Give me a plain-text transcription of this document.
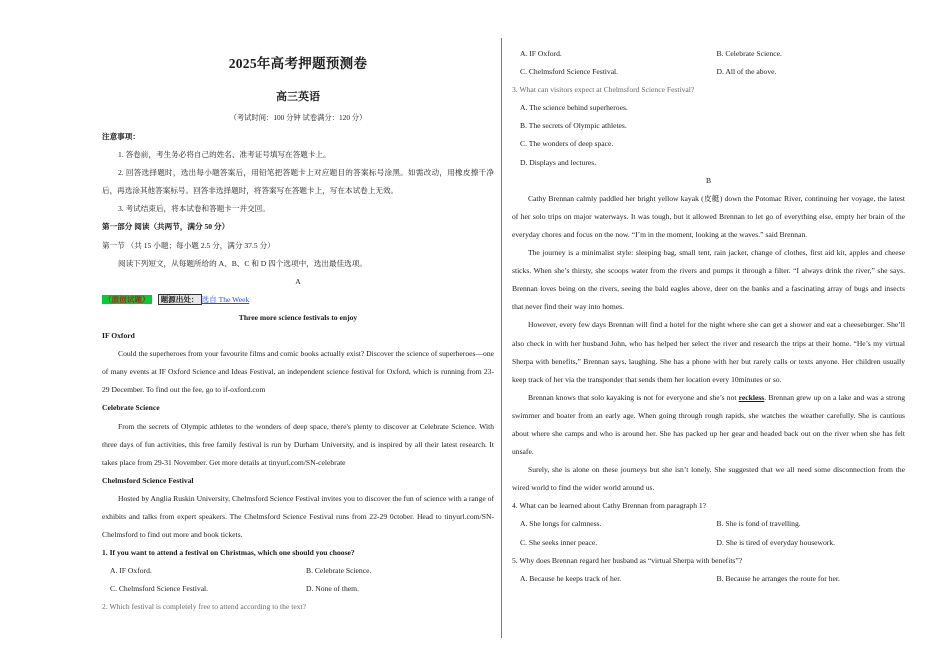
2025年高考押题预测卷
高三英语
（考试时间：100 分钟 试卷满分：120 分）

注意事项：

1. 答卷前，考生务必将自己的姓名、准考证号填写在答题卡上。

2. 回答选择题时，选出每小题答案后，用铅笔把答题卡上对应题目的答案标号涂黑。如需改动，用橡皮擦干净后，再选涂其他答案标号。回答非选择题时，将答案写在答题卡上，写在本试卷上无效。

3. 考试结束后，将本试卷和答题卡一并交回。

第一部分 阅读（共两节，满分 50 分）

第一节 （共 15 小题；每小题 2.5 分，满分 37.5 分）

阅读下列短文，从每题所给的 A、B、C 和 D 四个选项中，选出最佳选项。

A

（原创试题） 题源出处： 选自 The Week

Three more science festivals to enjoy

IF Oxford

Could the superheroes from your favourite films and comic books actually exist? Discover the science of superheroes—one of many events at IF Oxford Science and Ideas Festival, an independent science festival for Oxford, which is running from 23-29 December. To find out the fee, go to if-oxford.com

Celebrate Science

From the secrets of Olympic athletes to the wonders of deep space, there's plenty to discover at Celebrate Science. With three days of fun activities, this free family festival is run by Durham University, and is inspired by all their latest research. It takes place from 29-31 November. Get more details at tinyurl.com/SN-celebrate

Chelmsford Science Festival

Hosted by Anglia Ruskin University, Chelmsford Science Festival invites you to discover the fun of science with a range of exhibits and talks from expert speakers. The Chelmsford Science Festival runs from 22-29 0ctober. Head to tinyurl.com/SN-Chelmsford to find out more and book tickets.

1. If you want to attend a festival on Christmas, which one should you choose?

A. IF Oxford.	B. Celebrate Science.
C. Chelmsford Science Festival.	D. None of them.

2. Which festival is completely free to attend according to the text?

A. IF Oxford.	B. Celebrate Science.
C. Chelmsford Science Festival.	D. All of the above.

3. What can visitors expect at Chelmsford Science Festival?

A. The science behind superheroes.

B. The secrets of Olympic athletes.

C. The wonders of deep space.

D. Displays and lectures.

B

Cathy Brennan calmly paddled her bright yellow kayak (皮艇) down the Potomac River, continuing her voyage, the latest of her solo trips on major waterways. It was tough, but it allowed Brennan to let go of everything else, empty her brain of the everyday chores and focus on the now. “I’m in the moment, looking at the waves.” said Brennan.

The journey is a minimalist style: sleeping bag, small tent, rain jacket, change of clothes, first aid kit, apples and cheese sticks. When she’s thirsty, she scoops water from the rivers and pumps it through a filter. “I always drink the river,” she says. Brennan loves being on the rivers, seeing the bald eagles above, deer on the banks and a fascinating array of bugs and insects that never find their way into homes.

However, every few days Brennan will find a hotel for the night where she can get a shower and eat a cheeseburger. She’ll also check in with her husband John, who has helped her select the river and research the trips at their home. “He’s my virtual Sherpa with benefits,” Brennan says, laughing. She has a phone with her but rarely calls or texts anyone. Her children usually keep track of her via the transponder that sends them her location every 10minutes or so.

Brennan knows that solo kayaking is not for everyone and she’s not reckless. Brennan grew up on a lake and was a strong swimmer and boater from an early age. When going through rough rapids, she watches the weather carefully. She is cautious about where she camps and who is around her. She has packed up her gear and headed back out on the river when she has felt unsafe.

Surely, she is alone on these journeys but she isn’t lonely. She suggested that we all need some disconnection from the wired world to find the wider world around us.

4. What can be learned about Cathy Brennan from paragraph 1?

A. She longs for calmness.	B. She is fond of travelling.
C. She seeks inner peace.	D. She is tired of everyday housework.

5. Why does Brennan regard her husband as “virtual Sherpa with benefits”?

A. Because he keeps track of her.	B. Because he arranges the route for her.
